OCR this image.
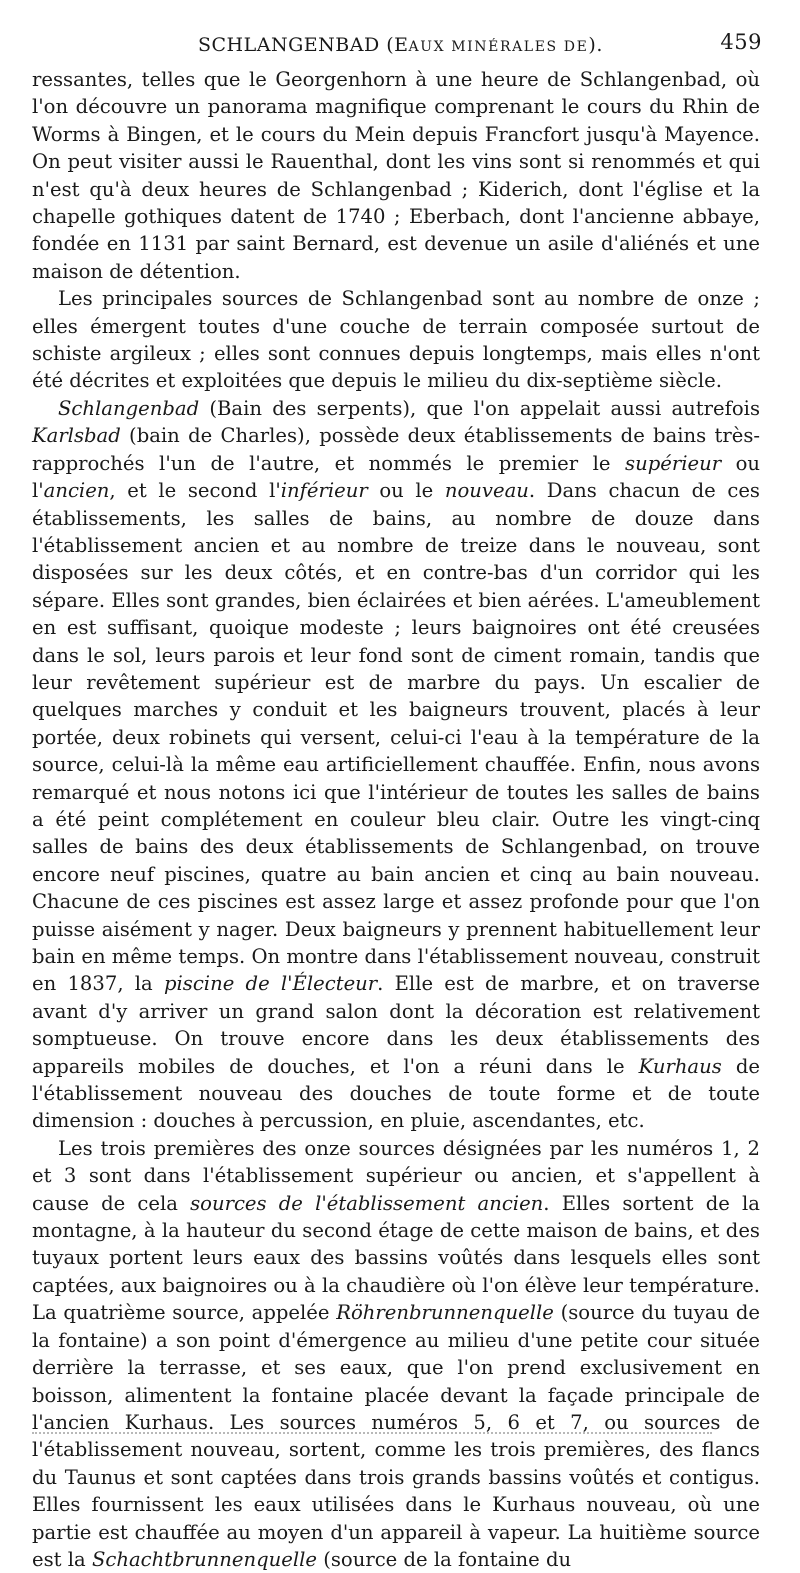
SCHLANGENBAD (EAUX MINÉRALES DE).	459

ressantes, telles que le Georgenhorn à une heure de Schlangenbad, où l'on découvre un panorama magnifique comprenant le cours du Rhin de Worms à Bingen, et le cours du Mein depuis Francfort jusqu'à Mayence. On peut visiter aussi le Rauenthal, dont les vins sont si renommés et qui n'est qu'à deux heures de Schlangenbad ; Kiderich, dont l'église et la chapelle gothiques datent de 1740 ; Eberbach, dont l'ancienne abbaye, fondée en 1131 par saint Bernard, est devenue un asile d'aliénés et une maison de détention.

Les principales sources de Schlangenbad sont au nombre de onze ; elles émergent toutes d'une couche de terrain composée surtout de schiste argileux ; elles sont connues depuis longtemps, mais elles n'ont été décrites et exploitées que depuis le milieu du dix-septième siècle.

Schlangenbad (Bain des serpents), que l'on appelait aussi autrefois Karlsbad (bain de Charles), possède deux établissements de bains très-rapprochés l'un de l'autre, et nommés le premier le supérieur ou l'ancien, et le second l'inférieur ou le nouveau. Dans chacun de ces établissements, les salles de bains, au nombre de douze dans l'établissement ancien et au nombre de treize dans le nouveau, sont disposées sur les deux côtés, et en contre-bas d'un corridor qui les sépare. Elles sont grandes, bien éclairées et bien aérées. L'ameublement en est suffisant, quoique modeste ; leurs baignoires ont été creusées dans le sol, leurs parois et leur fond sont de ciment romain, tandis que leur revêtement supérieur est de marbre du pays. Un escalier de quelques marches y conduit et les baigneurs trouvent, placés à leur portée, deux robinets qui versent, celui-ci l'eau à la température de la source, celui-là la même eau artificiellement chauffée. Enfin, nous avons remarqué et nous notons ici que l'intérieur de toutes les salles de bains a été peint complétement en couleur bleu clair. Outre les vingt-cinq salles de bains des deux établissements de Schlangenbad, on trouve encore neuf piscines, quatre au bain ancien et cinq au bain nouveau. Chacune de ces piscines est assez large et assez profonde pour que l'on puisse aisément y nager. Deux baigneurs y prennent habituellement leur bain en même temps. On montre dans l'établissement nouveau, construit en 1837, la piscine de l'Électeur. Elle est de marbre, et on traverse avant d'y arriver un grand salon dont la décoration est relativement somptueuse. On trouve encore dans les deux établissements des appareils mobiles de douches, et l'on a réuni dans le Kurhaus de l'établissement nouveau des douches de toute forme et de toute dimension : douches à percussion, en pluie, ascendantes, etc.

Les trois premières des onze sources désignées par les numéros 1, 2 et 3 sont dans l'établissement supérieur ou ancien, et s'appellent à cause de cela sources de l'établissement ancien. Elles sortent de la montagne, à la hauteur du second étage de cette maison de bains, et des tuyaux portent leurs eaux des bassins voûtés dans lesquels elles sont captées, aux baignoires ou à la chaudière où l'on élève leur température. La quatrième source, appelée Röhrenbrunnenquelle (source du tuyau de la fontaine) a son point d'émergence au milieu d'une petite cour située derrière la terrasse, et ses eaux, que l'on prend exclusivement en boisson, alimentent la fontaine placée devant la façade principale de l'ancien Kurhaus. Les sources numéros 5, 6 et 7, ou sources de l'établissement nouveau, sortent, comme les trois premières, des flancs du Taunus et sont captées dans trois grands bassins voûtés et contigus. Elles fournissent les eaux utilisées dans le Kurhaus nouveau, où une partie est chauffée au moyen d'un appareil à vapeur. La huitième source est la Schachtbrunnenquelle (source de la fontaine du
